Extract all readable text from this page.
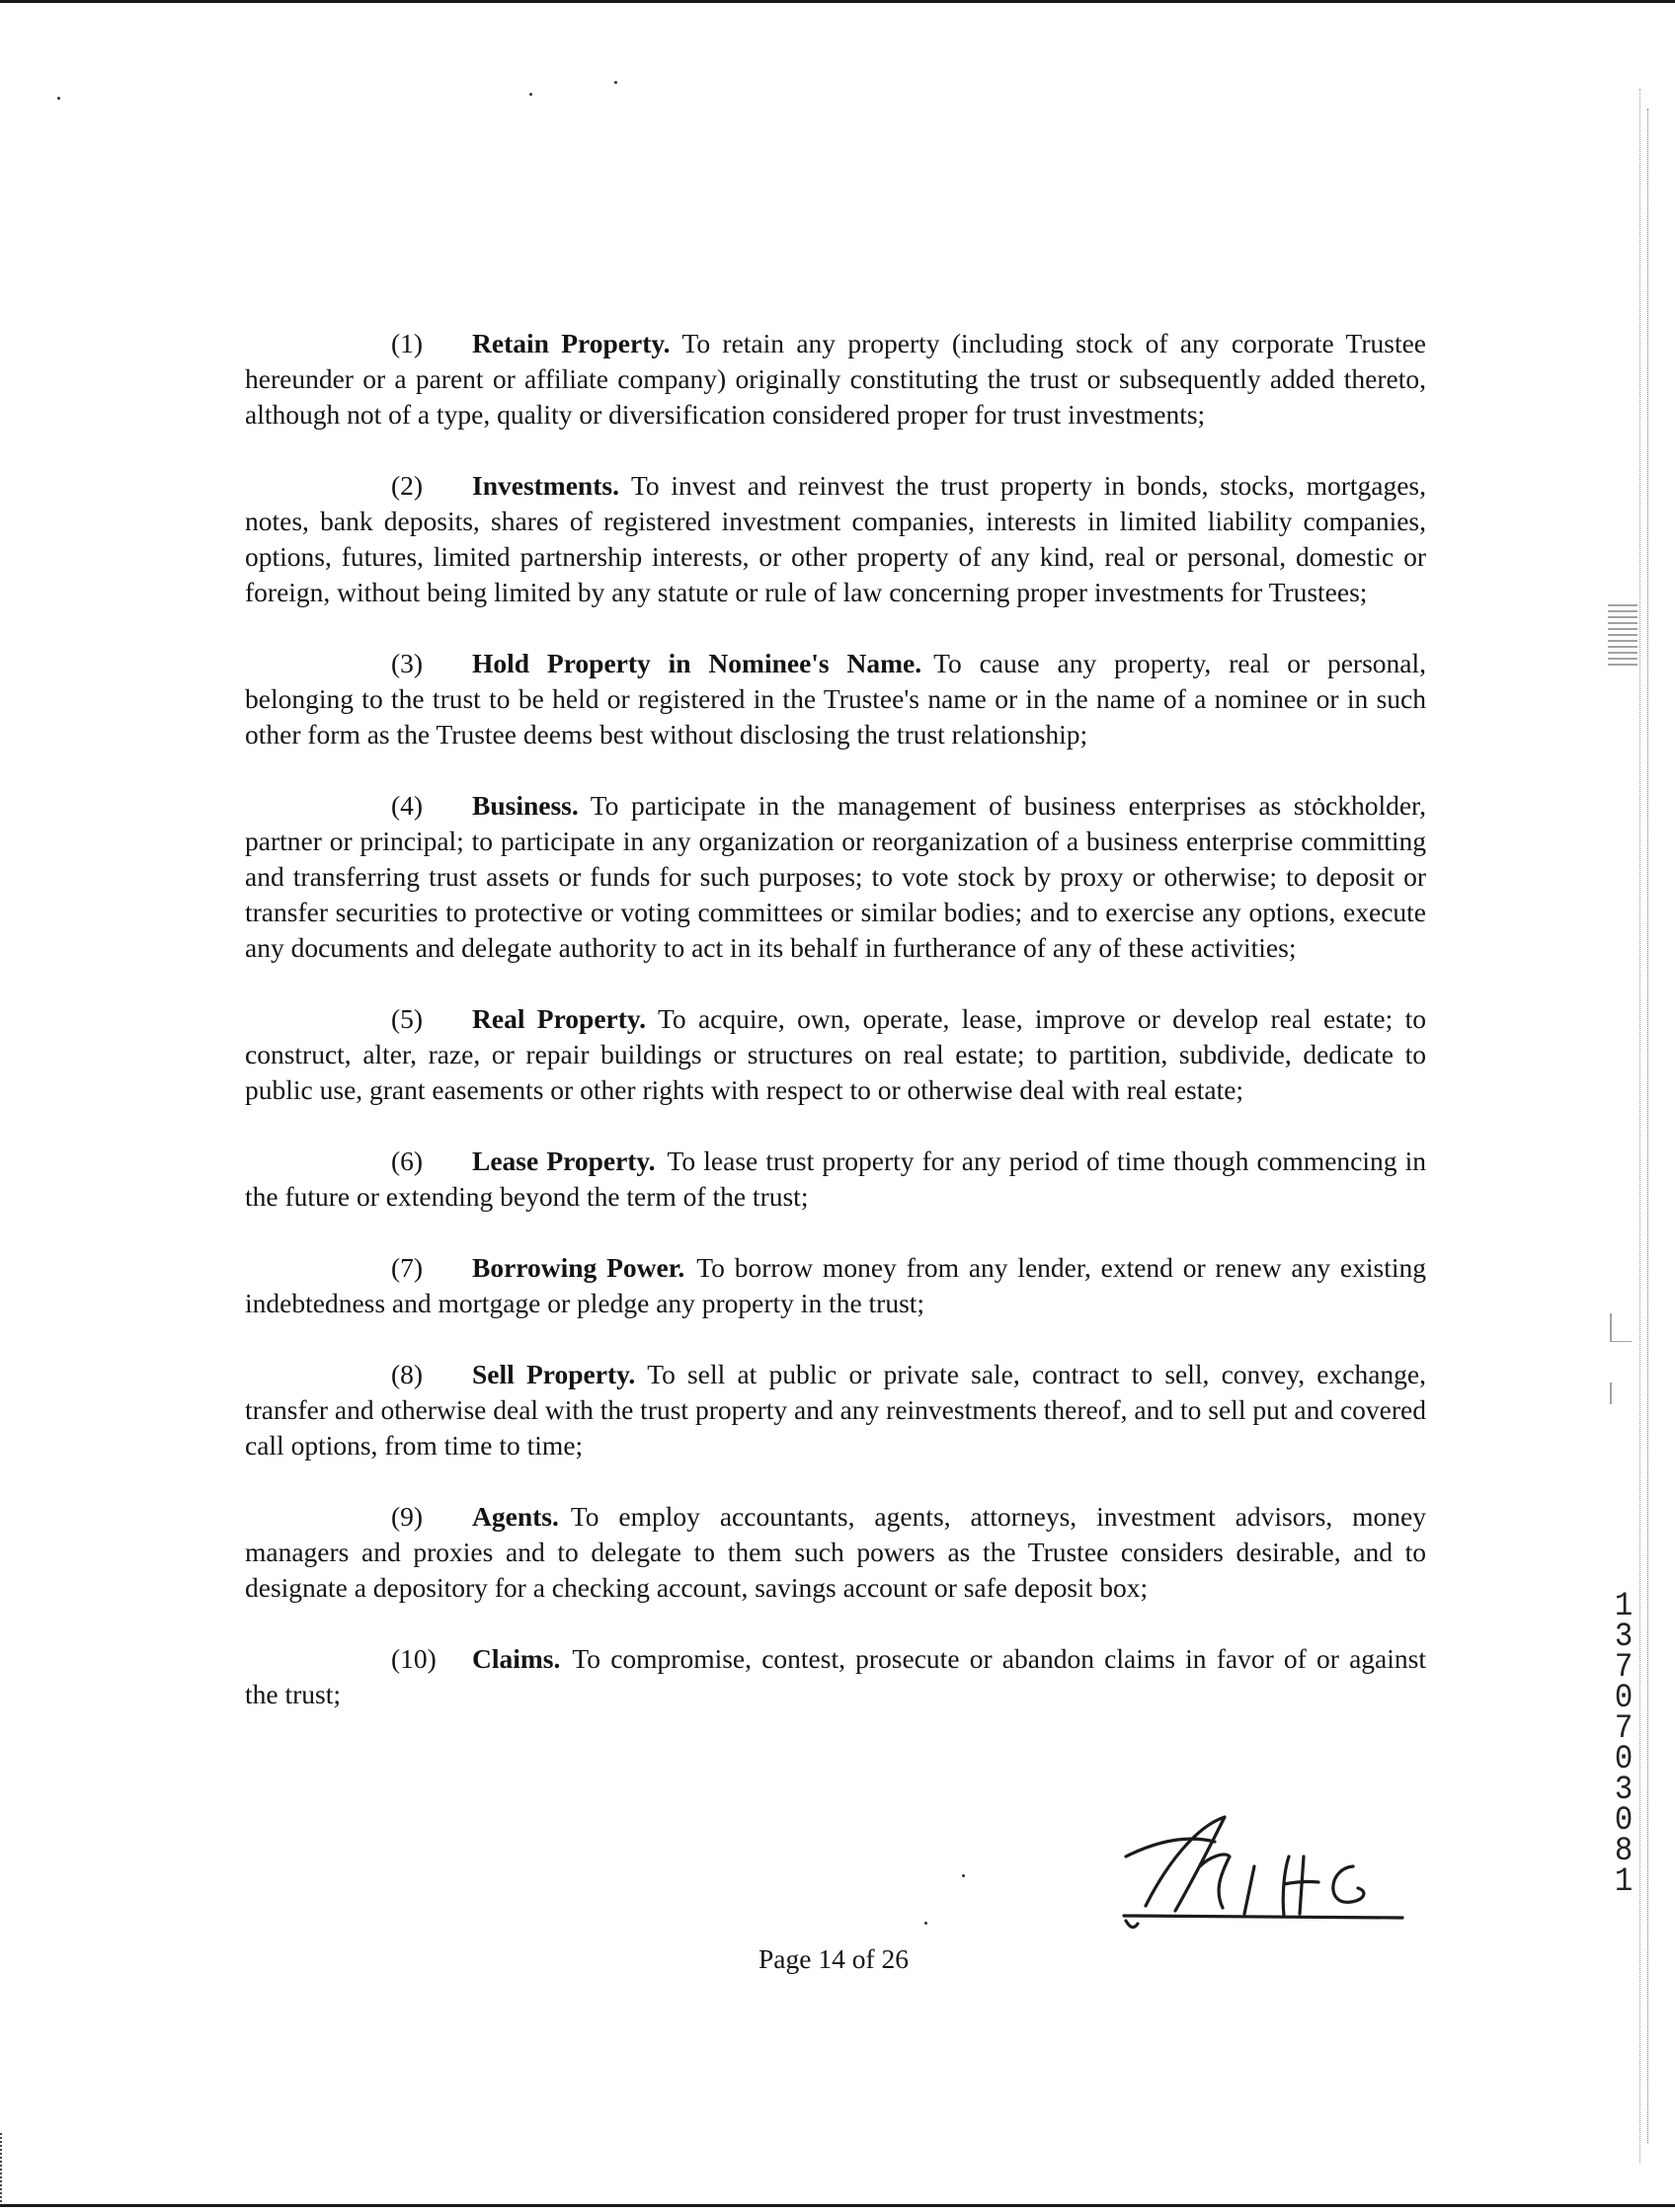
(1) Retain Property. To retain any property (including stock of any corporate Trustee hereunder or a parent or affiliate company) originally constituting the trust or subsequently added thereto, although not of a type, quality or diversification considered proper for trust investments;

(2) Investments. To invest and reinvest the trust property in bonds, stocks, mortgages, notes, bank deposits, shares of registered investment companies, interests in limited liability companies, options, futures, limited partnership interests, or other property of any kind, real or personal, domestic or foreign, without being limited by any statute or rule of law concerning proper investments for Trustees;

(3) Hold Property in Nominee's Name. To cause any property, real or personal, belonging to the trust to be held or registered in the Trustee's name or in the name of a nominee or in such other form as the Trustee deems best without disclosing the trust relationship;

(4) Business. To participate in the management of business enterprises as stockholder, partner or principal; to participate in any organization or reorganization of a business enterprise committing and transferring trust assets or funds for such purposes; to vote stock by proxy or otherwise; to deposit or transfer securities to protective or voting committees or similar bodies; and to exercise any options, execute any documents and delegate authority to act in its behalf in furtherance of any of these activities;

(5) Real Property. To acquire, own, operate, lease, improve or develop real estate; to construct, alter, raze, or repair buildings or structures on real estate; to partition, subdivide, dedicate to public use, grant easements or other rights with respect to or otherwise deal with real estate;

(6) Lease Property. To lease trust property for any period of time though commencing in the future or extending beyond the term of the trust;

(7) Borrowing Power. To borrow money from any lender, extend or renew any existing indebtedness and mortgage or pledge any property in the trust;

(8) Sell Property. To sell at public or private sale, contract to sell, convey, exchange, transfer and otherwise deal with the trust property and any reinvestments thereof, and to sell put and covered call options, from time to time;

(9) Agents. To employ accountants, agents, attorneys, investment advisors, money managers and proxies and to delegate to them such powers as the Trustee considers desirable, and to designate a depository for a checking account, savings account or safe deposit box;

(10) Claims. To compromise, contest, prosecute or abandon claims in favor of or against the trust;

Page 14 of 26
1
3
7
0
7
0
3
0
8
1
